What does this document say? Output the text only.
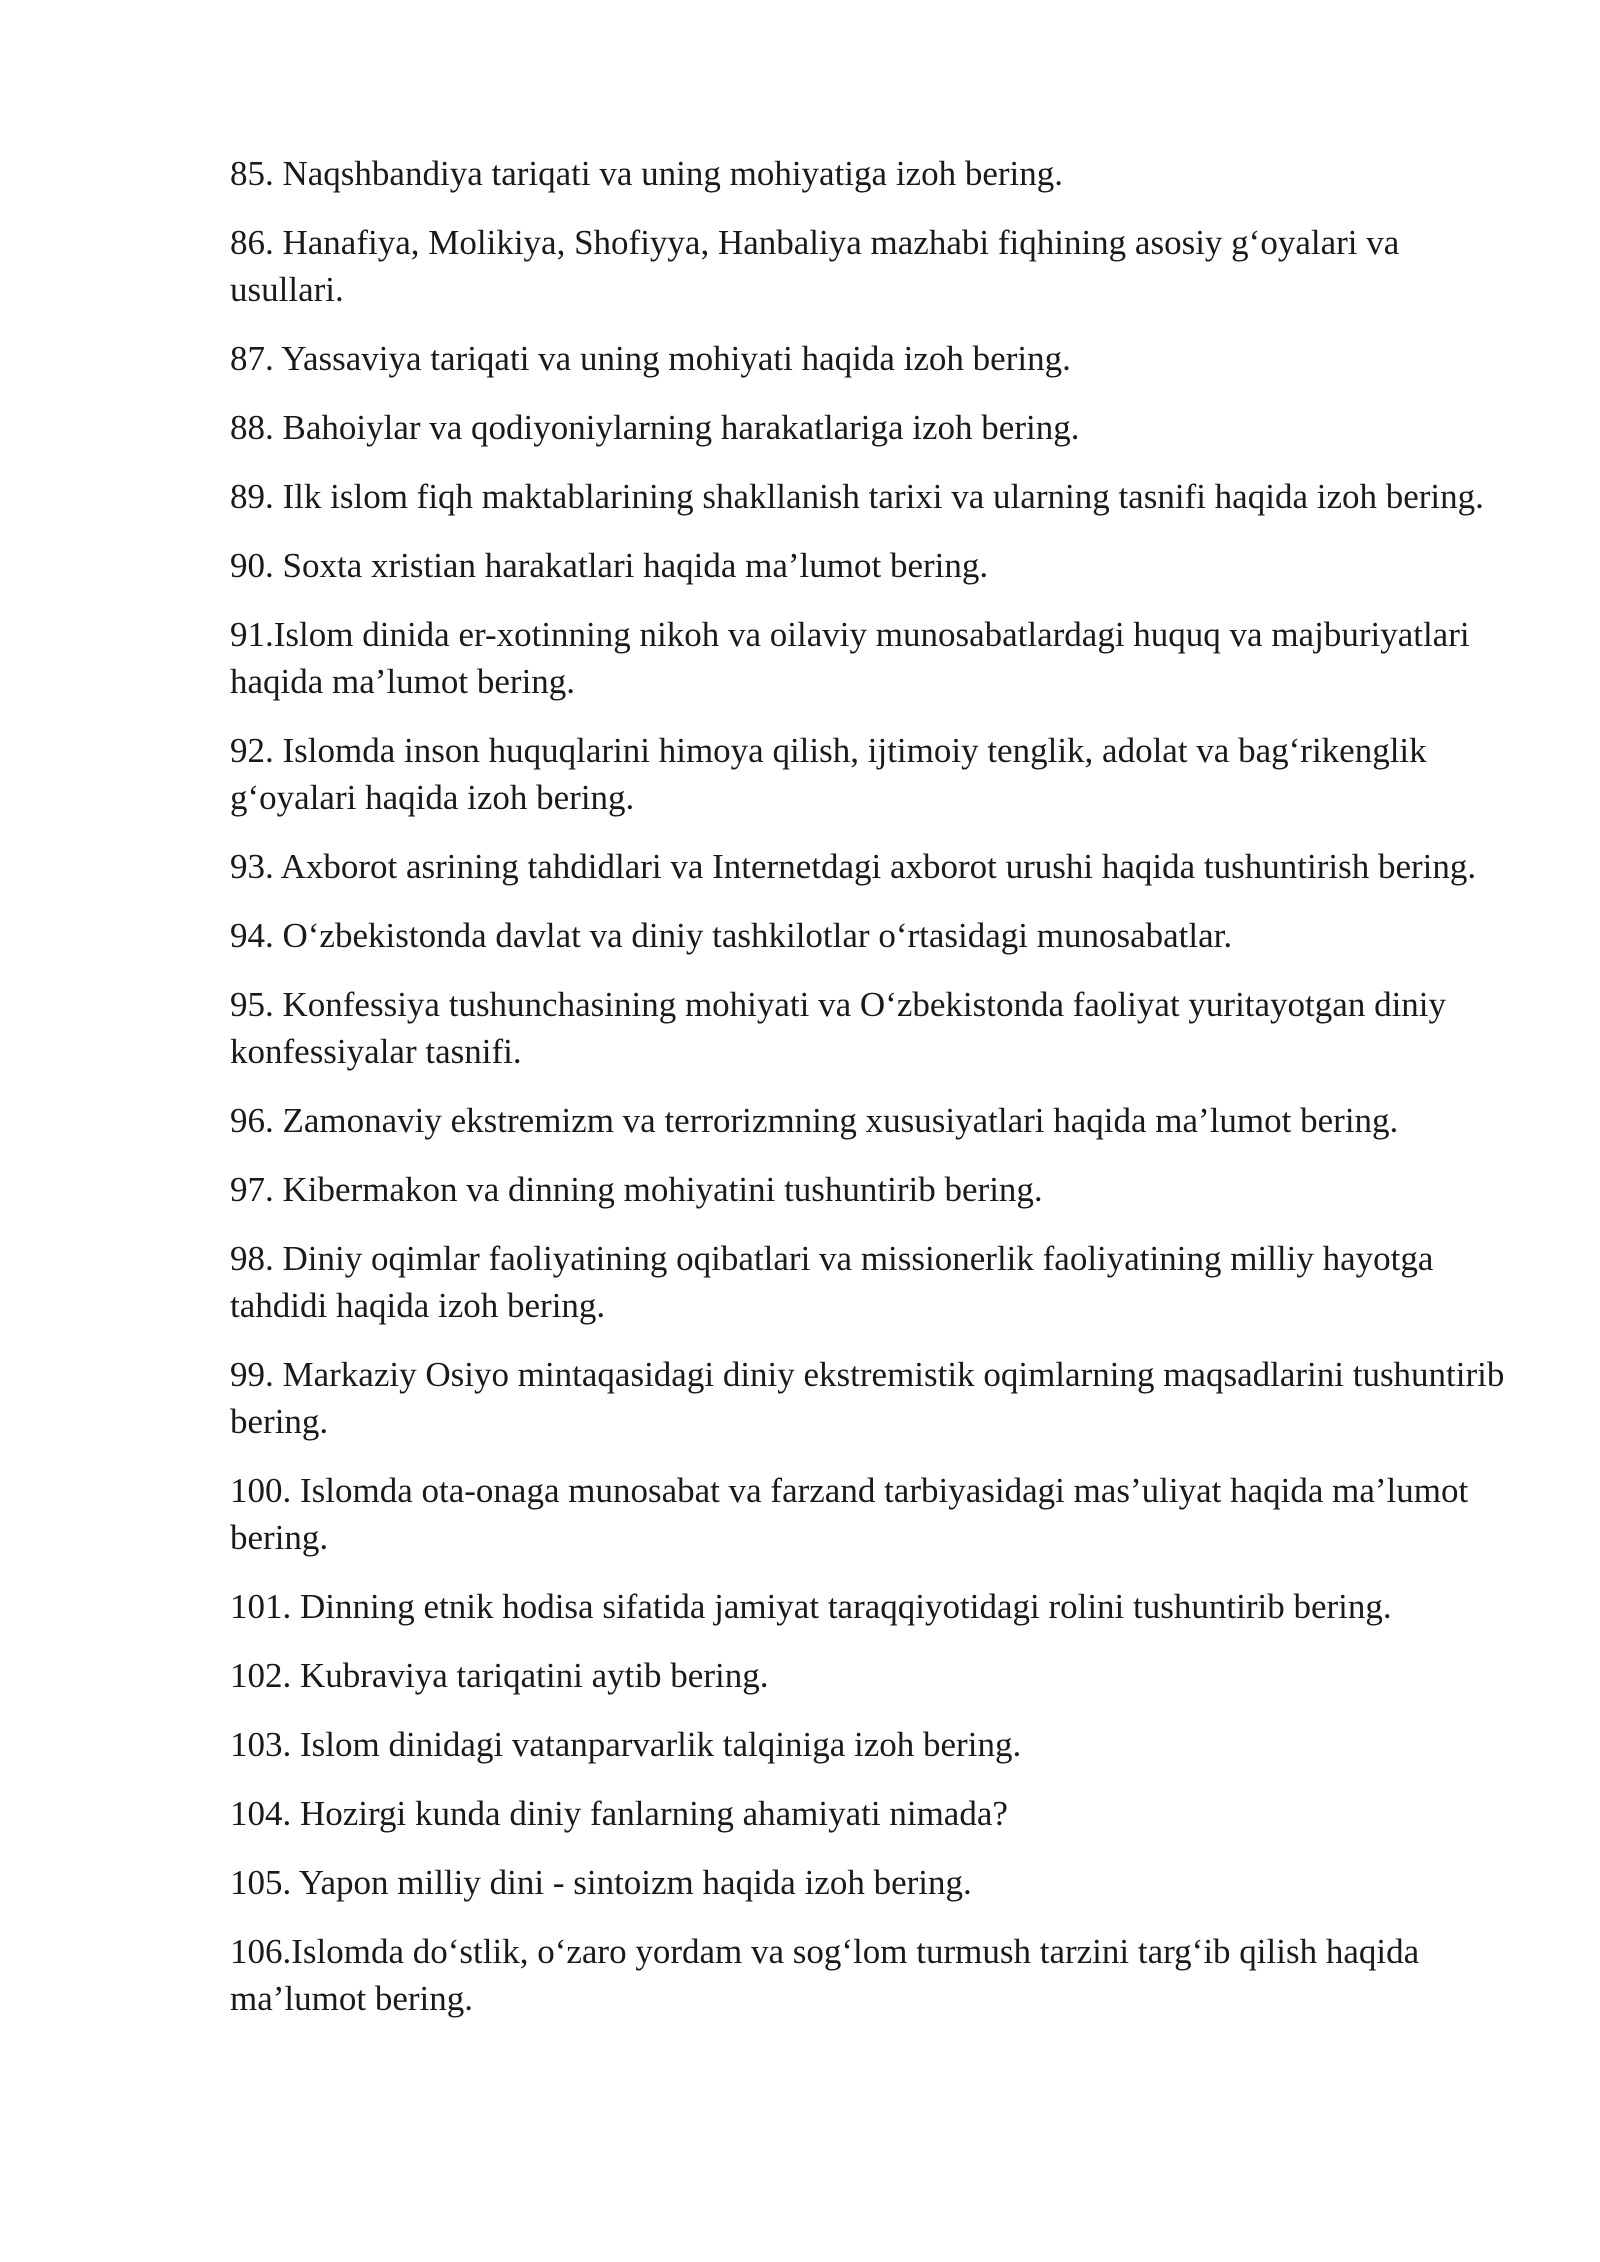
85. Naqshbandiya tariqati va uning mohiyatiga izoh bering.
86. Hanafiya, Molikiya, Shofiyya, Hanbaliya mazhabi fiqhining asosiy g‘oyalari va usullari.
87. Yassaviya tariqati va uning mohiyati haqida izoh bering.
88. Bahoiylar va qodiyoniylarning harakatlariga izoh bering.
89. Ilk islom fiqh maktablarining shakllanish tarixi va ularning tasnifi haqida izoh bering.
90. Soxta xristian harakatlari haqida ma’lumot bering.
91.Islom dinida er-xotinning nikoh va oilaviy munosabatlardagi huquq va majburiyatlari haqida ma’lumot bering.
92. Islomda inson huquqlarini himoya qilish, ijtimoiy tenglik, adolat va bag‘rikenglik g‘oyalari haqida izoh bering.
93. Axborot asrining tahdidlari va Internetdagi axborot urushi haqida tushuntirish bering.
94. O‘zbekistonda davlat va diniy tashkilotlar o‘rtasidagi munosabatlar.
95. Konfessiya tushunchasining mohiyati va O‘zbekistonda faoliyat yuritayotgan diniy konfessiyalar tasnifi.
96. Zamonaviy ekstremizm va terrorizmning xususiyatlari haqida ma’lumot bering.
97. Kibermakon va dinning mohiyatini tushuntirib bering.
98. Diniy oqimlar faoliyatining oqibatlari va missionerlik faoliyatining milliy hayotga tahdidi haqida izoh bering.
99. Markaziy Osiyo mintaqasidagi diniy ekstremistik oqimlarning maqsadlarini tushuntirib bering.
100. Islomda ota-onaga munosabat va farzand tarbiyasidagi mas’uliyat haqida ma’lumot bering.
101. Dinning etnik hodisa sifatida jamiyat taraqqiyotidagi rolini tushuntirib bering.
102. Kubraviya tariqatini aytib bering.
103. Islom dinidagi vatanparvarlik talqiniga izoh bering.
104. Hozirgi kunda diniy fanlarning ahamiyati nimada?
105. Yapon milliy dini - sintoizm haqida izoh bering.
106.Islomda do‘stlik, o‘zaro yordam va sog‘lom turmush tarzini targ‘ib qilish haqida ma’lumot bering.
